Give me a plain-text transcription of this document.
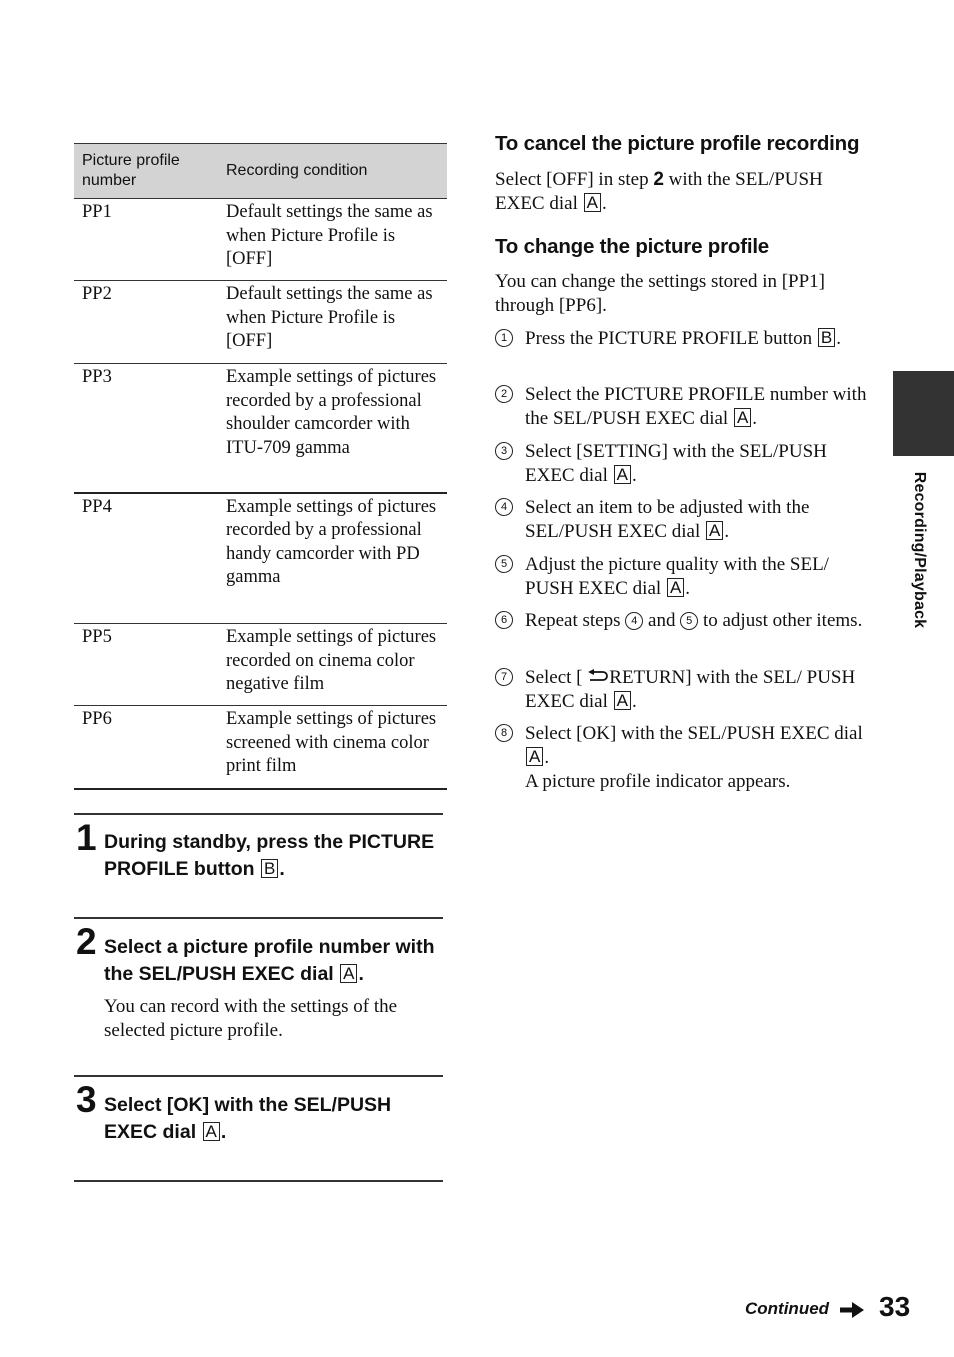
Picture profile number	Recording condition
PP1	Default settings the same as when Picture Profile is [OFF]
PP2	Default settings the same as when Picture Profile is [OFF]
PP3	Example settings of pictures recorded by a professional shoulder camcorder with ITU-709 gamma
PP4	Example settings of pictures recorded by a professional handy camcorder with PD gamma
PP5	Example settings of pictures recorded on cinema color negative film
PP6	Example settings of pictures screened with cinema color print film
1 During standby, press the PICTURE PROFILE button B .
2 Select a picture profile number with the SEL/PUSH EXEC dial A .
You can record with the settings of the selected picture profile.
3 Select [OK] with the SEL/PUSH EXEC dial A .
To cancel the picture profile recording
Select [OFF] in step 2 with the SEL/PUSH EXEC dial A .
To change the picture profile
You can change the settings stored in [PP1] through [PP6].
1 Press the PICTURE PROFILE button B .
2 Select the PICTURE PROFILE number with the SEL/PUSH EXEC dial A .
3 Select [SETTING] with the SEL/PUSH EXEC dial A .
4 Select an item to be adjusted with the SEL/PUSH EXEC dial A .
5 Adjust the picture quality with the SEL/ PUSH EXEC dial A .
6 Repeat steps 4 and 5 to adjust other items.
7 Select [ RETURN] with the SEL/ PUSH EXEC dial A .
8 Select [OK] with the SEL/PUSH EXEC dial A .
A picture profile indicator appears.
Recording/Playback
Continued 33
